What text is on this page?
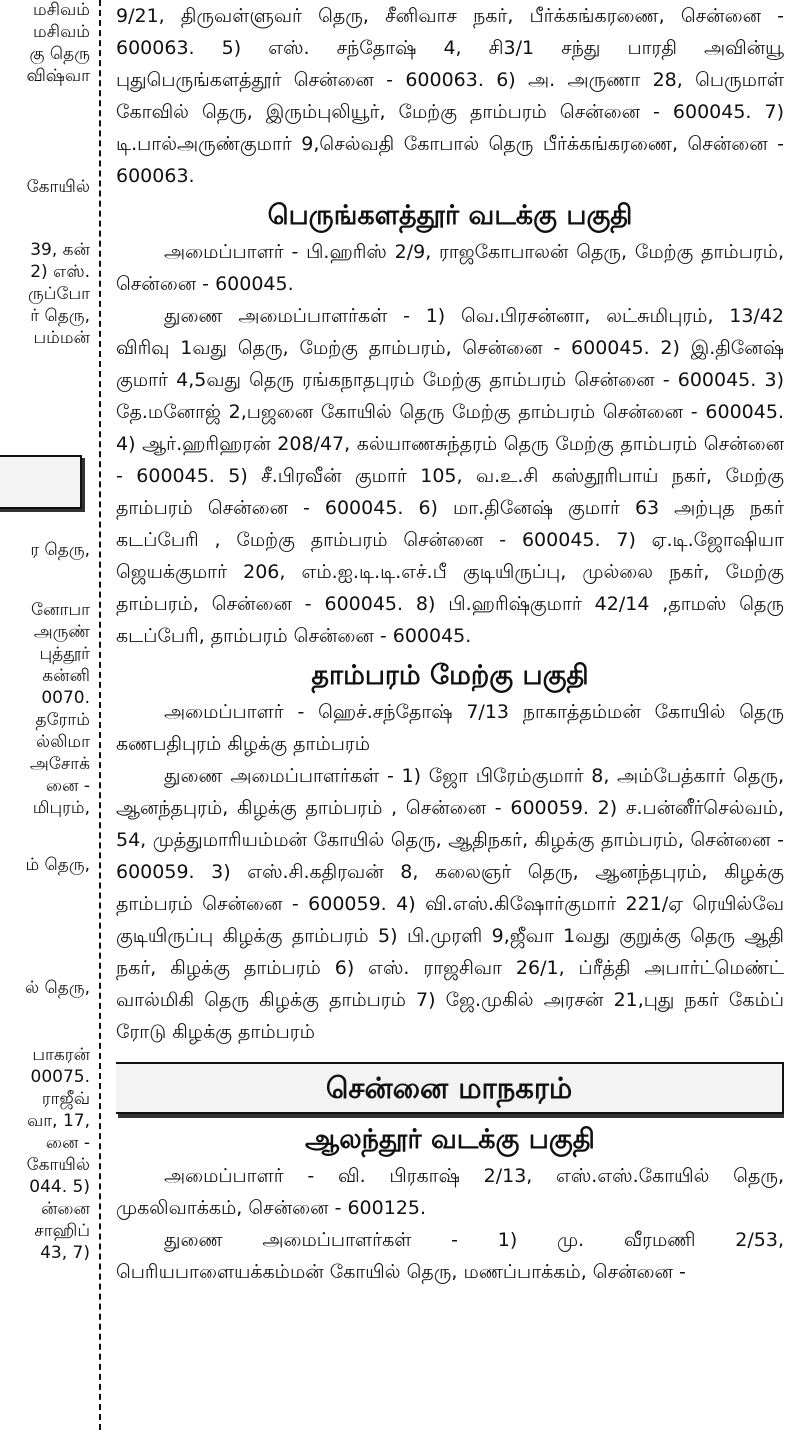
மசிவம்
மசிவம்
கு தெரு
விஷ்வா
கோயில்
39, கன்
2) எஸ்.
ருப்போ
ர் தெரு,
பம்மன்
ர தெரு,
னோபா
அருண்
புத்தூர்
கன்னி
0070.
தரோம்
ல்லிமா
அசோக்
னை -
மிபுரம்,
ம் தெரு,
ல் தெரு,
பாகரன்
00075.
ராஜீவ்
வா, 17,
னை -
கோயில்
044. 5)
ன்னை
சாஹிப்
43, 7)

9/21, திருவள்ளுவர் தெரு, சீனிவாச நகர், பீர்க்கங்கரணை, சென்னை - 600063. 5) எஸ். சந்தோஷ் 4, சி3/1 சந்து பாரதி அவின்யூ புதுபெருங்களத்தூர் சென்னை - 600063. 6) அ. அருணா 28, பெருமாள் கோவில் தெரு, இரும்புலியூர், மேற்கு தாம்பரம் சென்னை - 600045. 7) டி.பால்அருண்குமார் 9,செல்வதி கோபால் தெரு பீர்க்கங்கரணை, சென்னை - 600063.

பெருங்களத்தூர் வடக்கு பகுதி

அமைப்பாளர் - பி.ஹரிஸ் 2/9, ராஜகோபாலன் தெரு, மேற்கு தாம்பரம், சென்னை - 600045.

துணை அமைப்பாளர்கள் - 1) வெ.பிரசன்னா, லட்சுமிபுரம், 13/42 விரிவு 1வது தெரு, மேற்கு தாம்பரம், சென்னை - 600045. 2) இ.தினேஷ் குமார் 4,5வது தெரு ரங்கநாதபுரம் மேற்கு தாம்பரம் சென்னை - 600045. 3) தே.மனோஜ் 2,பஜனை கோயில் தெரு மேற்கு தாம்பரம் சென்னை - 600045. 4) ஆர்.ஹரிஹரன் 208/47, கல்யாணசுந்தரம் தெரு மேற்கு தாம்பரம் சென்னை - 600045. 5) சீ.பிரவீன் குமார் 105, வ.உ.சி கஸ்தூரிபாய் நகர், மேற்கு தாம்பரம் சென்னை - 600045. 6) மா.தினேஷ் குமார் 63 அற்புத நகர் கடப்பேரி , மேற்கு தாம்பரம் சென்னை - 600045. 7) ஏ.டி.ஜோஷியா ஜெயக்குமார் 206, எம்.ஐ.டி.டி.எச்.பீ குடியிருப்பு, முல்லை நகர், மேற்கு தாம்பரம், சென்னை - 600045. 8) பி.ஹரிஷ்குமார் 42/14 ,தாமஸ் தெரு கடப்பேரி, தாம்பரம் சென்னை - 600045.

தாம்பரம் மேற்கு பகுதி

அமைப்பாளர் - ஹெச்.சந்தோஷ் 7/13 நாகாத்தம்மன் கோயில் தெரு கணபதிபுரம் கிழக்கு தாம்பரம்

துணை அமைப்பாளர்கள் - 1) ஜோ பிரேம்குமார் 8, அம்பேத்கார் தெரு, ஆனந்தபுரம், கிழக்கு தாம்பரம் , சென்னை - 600059. 2) ச.பன்னீர்செல்வம், 54, முத்துமாரியம்மன் கோயில் தெரு, ஆதிநகர், கிழக்கு தாம்பரம், சென்னை - 600059. 3) எஸ்.சி.கதிரவன் 8, கலைஞர் தெரு, ஆனந்தபுரம், கிழக்கு தாம்பரம் சென்னை - 600059. 4) வி.எஸ்.கிஷோர்குமார் 221/ஏ ரெயில்வே குடியிருப்பு கிழக்கு தாம்பரம் 5) பி.முரளி 9,ஜீவா 1வது குறுக்கு தெரு ஆதி நகர், கிழக்கு தாம்பரம் 6) எஸ். ராஜசிவா 26/1, ப்ரீத்தி அபார்ட்மெண்ட் வால்மிகி தெரு கிழக்கு தாம்பரம் 7) ஜே.முகில் அரசன் 21,புது நகர் கேம்ப் ரோடு கிழக்கு தாம்பரம்

சென்னை மாநகரம்
ஆலந்தூர் வடக்கு பகுதி

அமைப்பாளர் - வி. பிரகாஷ் 2/13, எஸ்.எஸ்.கோயில் தெரு, முகலிவாக்கம், சென்னை - 600125.

துணை அமைப்பாளர்கள் - 1) மு. வீரமணி 2/53, பெரியபாளையக்கம்மன் கோயில் தெரு, மணப்பாக்கம், சென்னை -
